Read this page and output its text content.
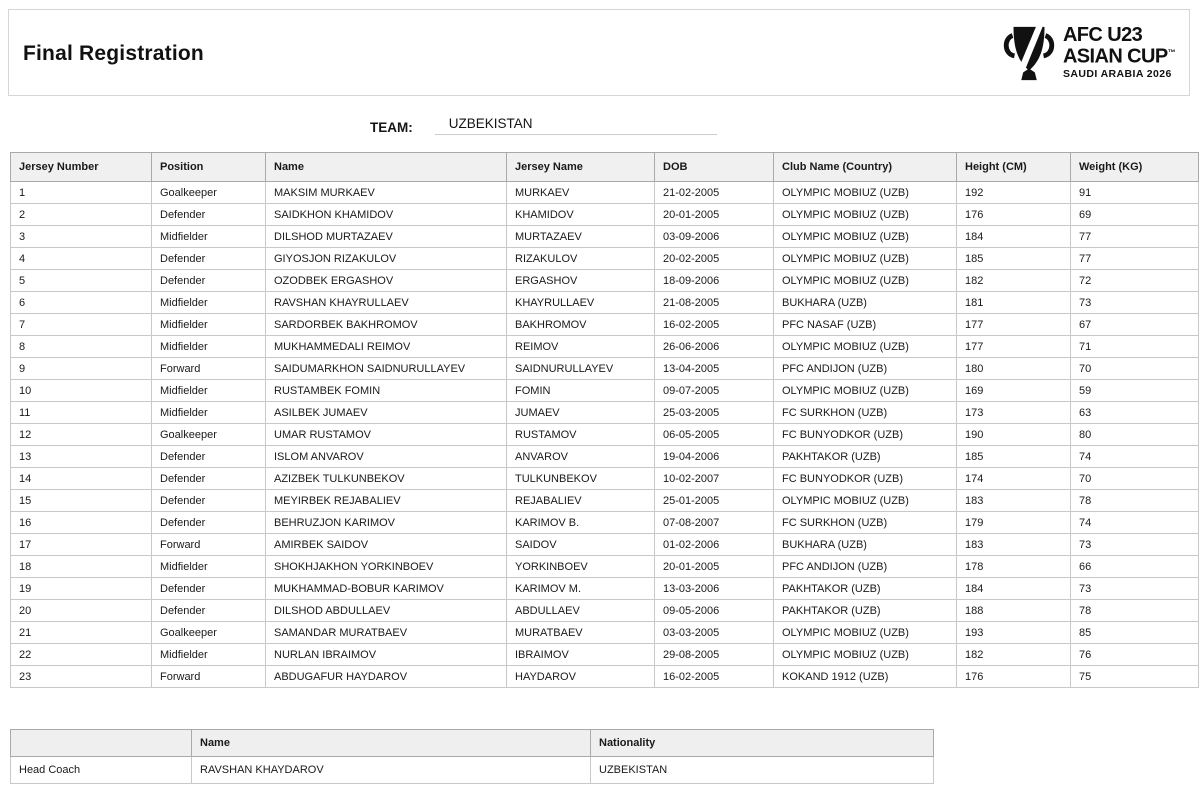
Final Registration
AFC U23
ASIAN CUP™
SAUDI ARABIA 2026
TEAM:	UZBEKISTAN
Jersey Number	Position	Name	Jersey Name	DOB	Club Name (Country)	Height (CM)	Weight (KG)
1	Goalkeeper	MAKSIM MURKAEV	MURKAEV	21-02-2005	OLYMPIC MOBIUZ (UZB)	192	91
2	Defender	SAIDKHON KHAMIDOV	KHAMIDOV	20-01-2005	OLYMPIC MOBIUZ (UZB)	176	69
3	Midfielder	DILSHOD MURTAZAEV	MURTAZAEV	03-09-2006	OLYMPIC MOBIUZ (UZB)	184	77
4	Defender	GIYOSJON RIZAKULOV	RIZAKULOV	20-02-2005	OLYMPIC MOBIUZ (UZB)	185	77
5	Defender	OZODBEK ERGASHOV	ERGASHOV	18-09-2006	OLYMPIC MOBIUZ (UZB)	182	72
6	Midfielder	RAVSHAN KHAYRULLAEV	KHAYRULLAEV	21-08-2005	BUKHARA (UZB)	181	73
7	Midfielder	SARDORBEK BAKHROMOV	BAKHROMOV	16-02-2005	PFC NASAF (UZB)	177	67
8	Midfielder	MUKHAMMEDALI REIMOV	REIMOV	26-06-2006	OLYMPIC MOBIUZ (UZB)	177	71
9	Forward	SAIDUMARKHON SAIDNURULLAYEV	SAIDNURULLAYEV	13-04-2005	PFC ANDIJON (UZB)	180	70
10	Midfielder	RUSTAMBEK FOMIN	FOMIN	09-07-2005	OLYMPIC MOBIUZ (UZB)	169	59
11	Midfielder	ASILBEK JUMAEV	JUMAEV	25-03-2005	FC SURKHON (UZB)	173	63
12	Goalkeeper	UMAR RUSTAMOV	RUSTAMOV	06-05-2005	FC BUNYODKOR (UZB)	190	80
13	Defender	ISLOM ANVAROV	ANVAROV	19-04-2006	PAKHTAKOR (UZB)	185	74
14	Defender	AZIZBEK TULKUNBEKOV	TULKUNBEKOV	10-02-2007	FC BUNYODKOR (UZB)	174	70
15	Defender	MEYIRBEK REJABALIEV	REJABALIEV	25-01-2005	OLYMPIC MOBIUZ (UZB)	183	78
16	Defender	BEHRUZJON KARIMOV	KARIMOV B.	07-08-2007	FC SURKHON (UZB)	179	74
17	Forward	AMIRBEK SAIDOV	SAIDOV	01-02-2006	BUKHARA (UZB)	183	73
18	Midfielder	SHOKHJAKHON YORKINBOEV	YORKINBOEV	20-01-2005	PFC ANDIJON (UZB)	178	66
19	Defender	MUKHAMMAD-BOBUR KARIMOV	KARIMOV M.	13-03-2006	PAKHTAKOR (UZB)	184	73
20	Defender	DILSHOD ABDULLAEV	ABDULLAEV	09-05-2006	PAKHTAKOR (UZB)	188	78
21	Goalkeeper	SAMANDAR MURATBAEV	MURATBAEV	03-03-2005	OLYMPIC MOBIUZ (UZB)	193	85
22	Midfielder	NURLAN IBRAIMOV	IBRAIMOV	29-08-2005	OLYMPIC MOBIUZ (UZB)	182	76
23	Forward	ABDUGAFUR HAYDAROV	HAYDAROV	16-02-2005	KOKAND 1912 (UZB)	176	75
	Name	Nationality
Head Coach	RAVSHAN KHAYDAROV	UZBEKISTAN
